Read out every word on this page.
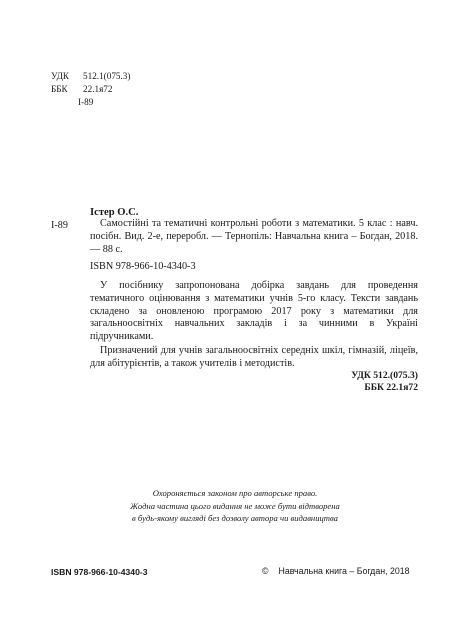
УДК 512.1(075.3)
ББК 22.1я72
І-89
Істер О.С.
І-89	Самостійні та тематичні контрольні роботи з математики. 5 клас : навч. посібн. Вид. 2-е, переробл. — Тернопіль: Навчальна книга – Богдан, 2018. — 88 с.
ISBN 978-966-10-4340-3

У посібнику запропонована добірка завдань для проведення тематичного оцінювання з математики учнів 5-го класу. Тексти завдань складено за оновленою програмою 2017 року з математики для загальноосвітніх навчальних закладів і за чинними в Україні підручниками.

Призначений для учнів загальноосвітніх середніх шкіл, гімназій, ліцеїв, для абітурієнтів, а також учителів і методистів.

УДК 512.(075.3)
ББК 22.1я72
Охороняється законом про авторське право.
Жодна частина цього видання не може бути відтворена
в будь-якому вигляді без дозволу автора чи видавництва
ISBN 978-966-10-4340-3	© Навчальна книга – Богдан, 2018
